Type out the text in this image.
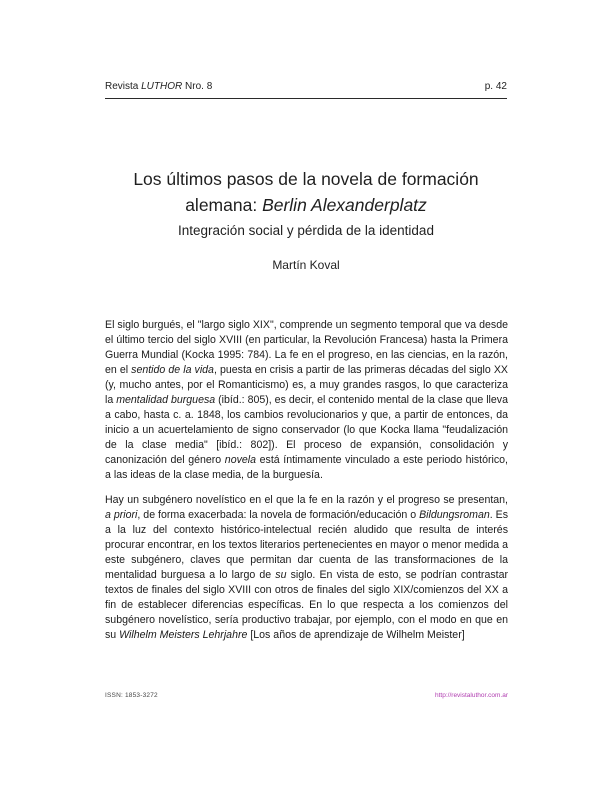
Revista LUTHOR Nro. 8	p. 42
Los últimos pasos de la novela de formación
alemana: Berlin Alexanderplatz
Integración social y pérdida de la identidad
Martín Koval

El siglo burgués, el "largo siglo XIX", comprende un segmento temporal que va desde el último tercio del siglo XVIII (en particular, la Revolución Francesa) hasta la Primera Guerra Mundial (Kocka 1995: 784). La fe en el progreso, en las ciencias, en la razón, en el sentido de la vida, puesta en crisis a partir de las primeras décadas del siglo XX (y, mucho antes, por el Romanticismo) es, a muy grandes rasgos, lo que caracteriza la mentalidad burguesa (ibíd.: 805), es decir, el contenido mental de la clase que lleva a cabo, hasta c. a. 1848, los cambios revolucionarios y que, a partir de entonces, da inicio a un acuertelamiento de signo conservador (lo que Kocka llama "feudalización de la clase media" [ibíd.: 802]). El proceso de expansión, consolidación y canonización del género novela está íntimamente vinculado a este periodo histórico, a las ideas de la clase media, de la burguesía.

Hay un subgénero novelístico en el que la fe en la razón y el progreso se presentan, a priori, de forma exacerbada: la novela de formación/educación o Bildungsroman. Es a la luz del contexto histórico-intelectual recién aludido que resulta de interés procurar encontrar, en los textos literarios pertenecientes en mayor o menor medida a este subgénero, claves que permitan dar cuenta de las transformaciones de la mentalidad burguesa a lo largo de su siglo. En vista de esto, se podrían contrastar textos de finales del siglo XVIII con otros de finales del siglo XIX/comienzos del XX a fin de establecer diferencias específicas. En lo que respecta a los comienzos del subgénero novelístico, sería productivo trabajar, por ejemplo, con el modo en que en su Wilhelm Meisters Lehrjahre [Los años de aprendizaje de Wilhelm Meister]

ISSN: 1853-3272	http://revistaluthor.com.ar
